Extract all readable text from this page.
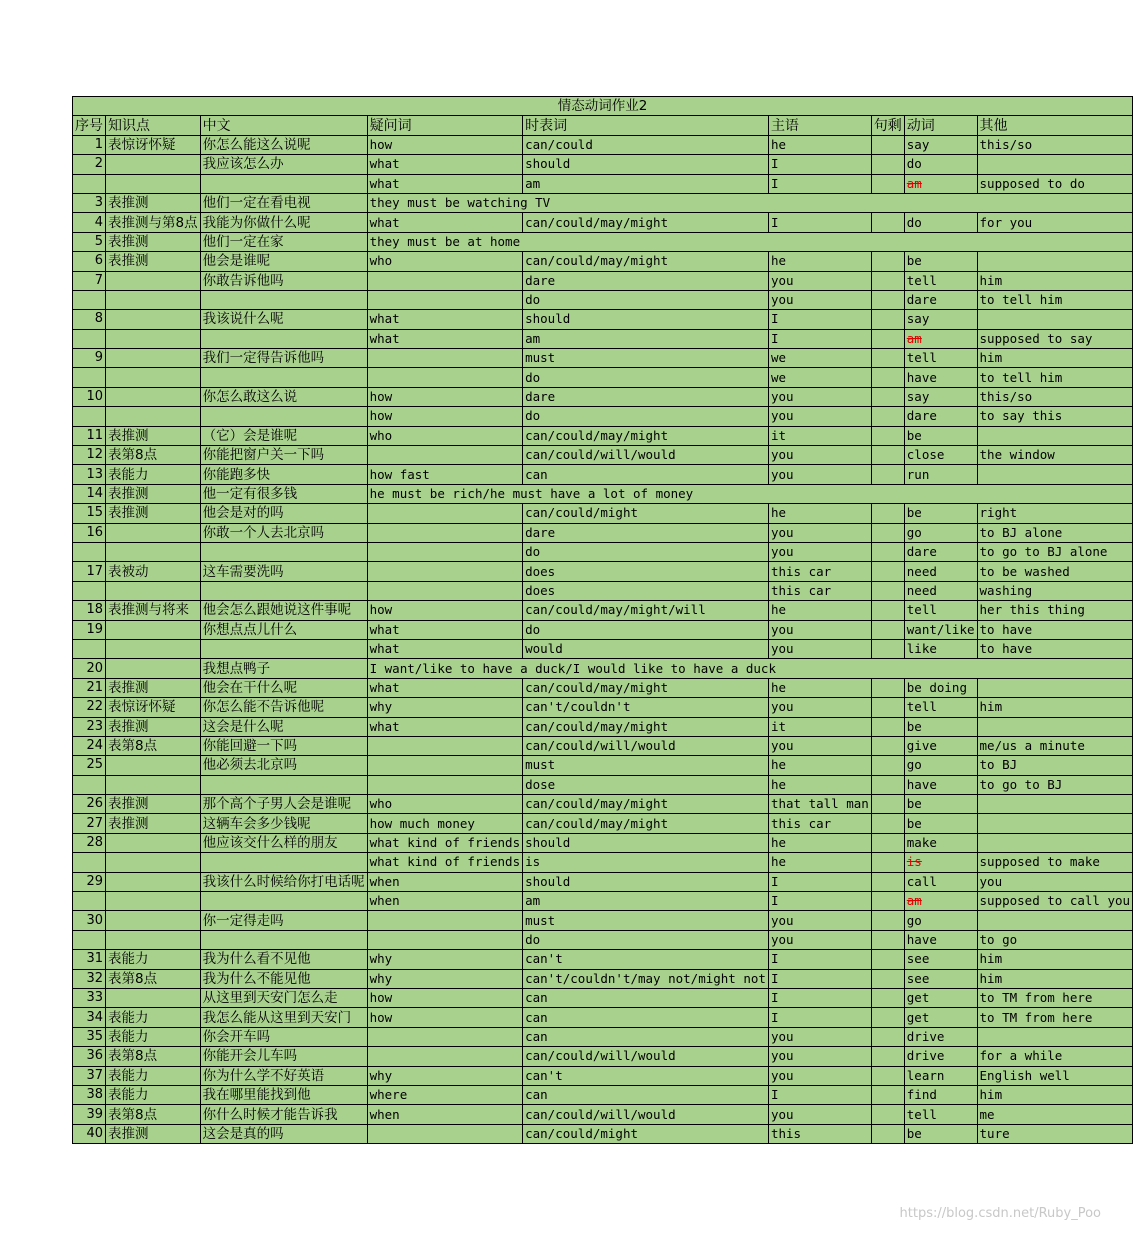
情态动词作业2								
序号	知识点	中文	疑问词	时表词	主语	句剩	动词	其他
1	表惊讶怀疑	你怎么能这么说呢	how	can/could	he		say	this/so
2		我应该怎么办	what	should	I		do	
			what	am	I		am	supposed to do
3	表推测	他们一定在看电视	they must be watching TV					
4	表推测与第8点	我能为你做什么呢	what	can/could/may/might	I		do	for you
5	表推测	他们一定在家	they must be at home					
6	表推测	他会是谁呢	who	can/could/may/might	he		be	
7		你敢告诉他吗		dare	you		tell	him
				do	you		dare	to tell him
8		我该说什么呢	what	should	I		say	
			what	am	I		am	supposed to say
9		我们一定得告诉他吗		must	we		tell	him
				do	we		have	to tell him
10		你怎么敢这么说	how	dare	you		say	this/so
			how	do	you		dare	to say this
11	表推测	（它）会是谁呢	who	can/could/may/might	it		be	
12	表第8点	你能把窗户关一下吗		can/could/will/would	you		close	the window
13	表能力	你能跑多快	how fast	can	you		run	
14	表推测	他一定有很多钱	he must be rich/he must have a lot of money					
15	表推测	他会是对的吗		can/could/might	he		be	right
16		你敢一个人去北京吗		dare	you		go	to BJ alone
				do	you		dare	to go to BJ alone
17	表被动	这车需要洗吗		does	this car		need	to be washed
				does	this car		need	washing
18	表推测与将来	他会怎么跟她说这件事呢	how	can/could/may/might/will	he		tell	her this thing
19		你想点点儿什么	what	do	you		want/like	to have
			what	would	you		like	to have
20		我想点鸭子	I want/like to have a duck/I would like to have a duck					
21	表推测	他会在干什么呢	what	can/could/may/might	he		be doing	
22	表惊讶怀疑	你怎么能不告诉他呢	why	can't/couldn't	you		tell	him
23	表推测	这会是什么呢	what	can/could/may/might	it		be	
24	表第8点	你能回避一下吗		can/could/will/would	you		give	me/us a minute
25		他必须去北京吗		must	he		go	to BJ
				dose	he		have	to go to BJ
26	表推测	那个高个子男人会是谁呢	who	can/could/may/might	that tall man		be	
27	表推测	这辆车会多少钱呢	how much money	can/could/may/might	this car		be	
28		他应该交什么样的朋友	what kind of friends	should	he		make	
			what kind of friends	is	he		is	supposed to make
29		我该什么时候给你打电话呢	when	should	I		call	you
			when	am	I		am	supposed to call you
30		你一定得走吗		must	you		go	
				do	you		have	to go
31	表能力	我为什么看不见他	why	can't	I		see	him
32	表第8点	我为什么不能见他	why	can't/couldn't/may not/might not	I		see	him
33		从这里到天安门怎么走	how	can	I		get	to TM from here
34	表能力	我怎么能从这里到天安门	how	can	I		get	to TM from here
35	表能力	你会开车吗		can	you		drive	
36	表第8点	你能开会儿车吗		can/could/will/would	you		drive	for a while
37	表能力	你为什么学不好英语	why	can't	you		learn	English well
38	表能力	我在哪里能找到他	where	can	I		find	him
39	表第8点	你什么时候才能告诉我	when	can/could/will/would	you		tell	me
40	表推测	这会是真的吗		can/could/might	this		be	ture
https://blog.csdn.net/Ruby_Poo
